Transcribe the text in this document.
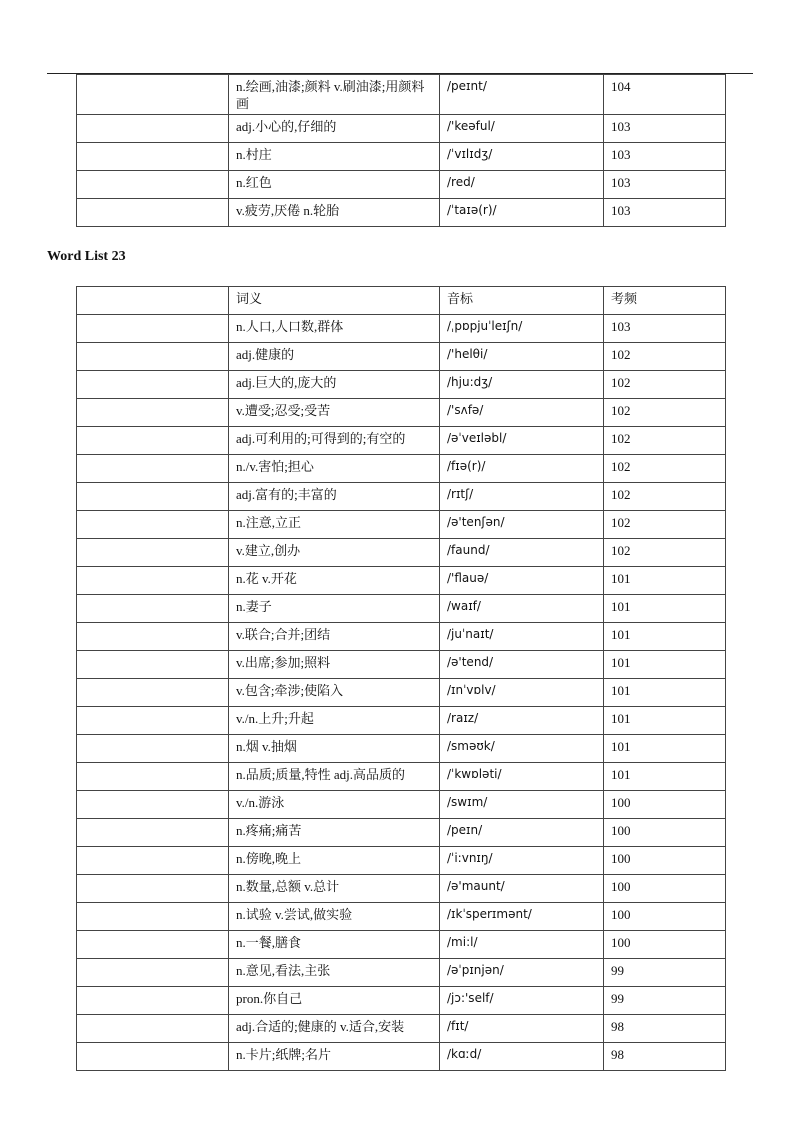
	n.绘画,油漆;颜料 v.刷油漆;用颜料画	/peɪnt/	104
	adj.小心的,仔细的	/'keəful/	103
	n.村庄	/ˈvɪlɪdʒ/	103
	n.红色	/red/	103
	v.疲劳,厌倦 n.轮胎	/ˈtaɪə(r)/	103
Word List 23
	词义	音标	考频
	n.人口,人口数,群体	/ˌpɒpjuˈleɪʃn/	103
	adj.健康的	/'helθi/	102
	adj.巨大的,庞大的	/hju:dʒ/	102
	v.遭受;忍受;受苦	/'sʌfə/	102
	adj.可利用的;可得到的;有空的	/əˈveɪləbl/	102
	n./v.害怕;担心	/fɪə(r)/	102
	adj.富有的;丰富的	/rɪtʃ/	102
	n.注意,立正	/ə'tenʃən/	102
	v.建立,创办	/faund/	102
	n.花 v.开花	/'flauə/	101
	n.妻子	/waɪf/	101
	v.联合;合并;团结	/juˈnaɪt/	101
	v.出席;参加;照料	/ə'tend/	101
	v.包含;牵涉;使陷入	/ɪnˈvɒlv/	101
	v./n.上升;升起	/raɪz/	101
	n.烟 v.抽烟	/sməʊk/	101
	n.品质;质量,特性 adj.高品质的	/ˈkwɒləti/	101
	v./n.游泳	/swɪm/	100
	n.疼痛;痛苦	/peɪn/	100
	n.傍晚,晚上	/ˈi:vnɪŋ/	100
	n.数量,总额 v.总计	/ə'maunt/	100
	n.试验 v.尝试,做实验	/ɪkˈsperɪmənt/	100
	n.一餐,膳食	/mi:l/	100
	n.意见,看法,主张	/əˈpɪnjən/	99
	pron.你自己	/jɔ:'self/	99
	adj.合适的;健康的 v.适合,安装	/fɪt/	98
	n.卡片;纸牌;名片	/kɑːd/	98
